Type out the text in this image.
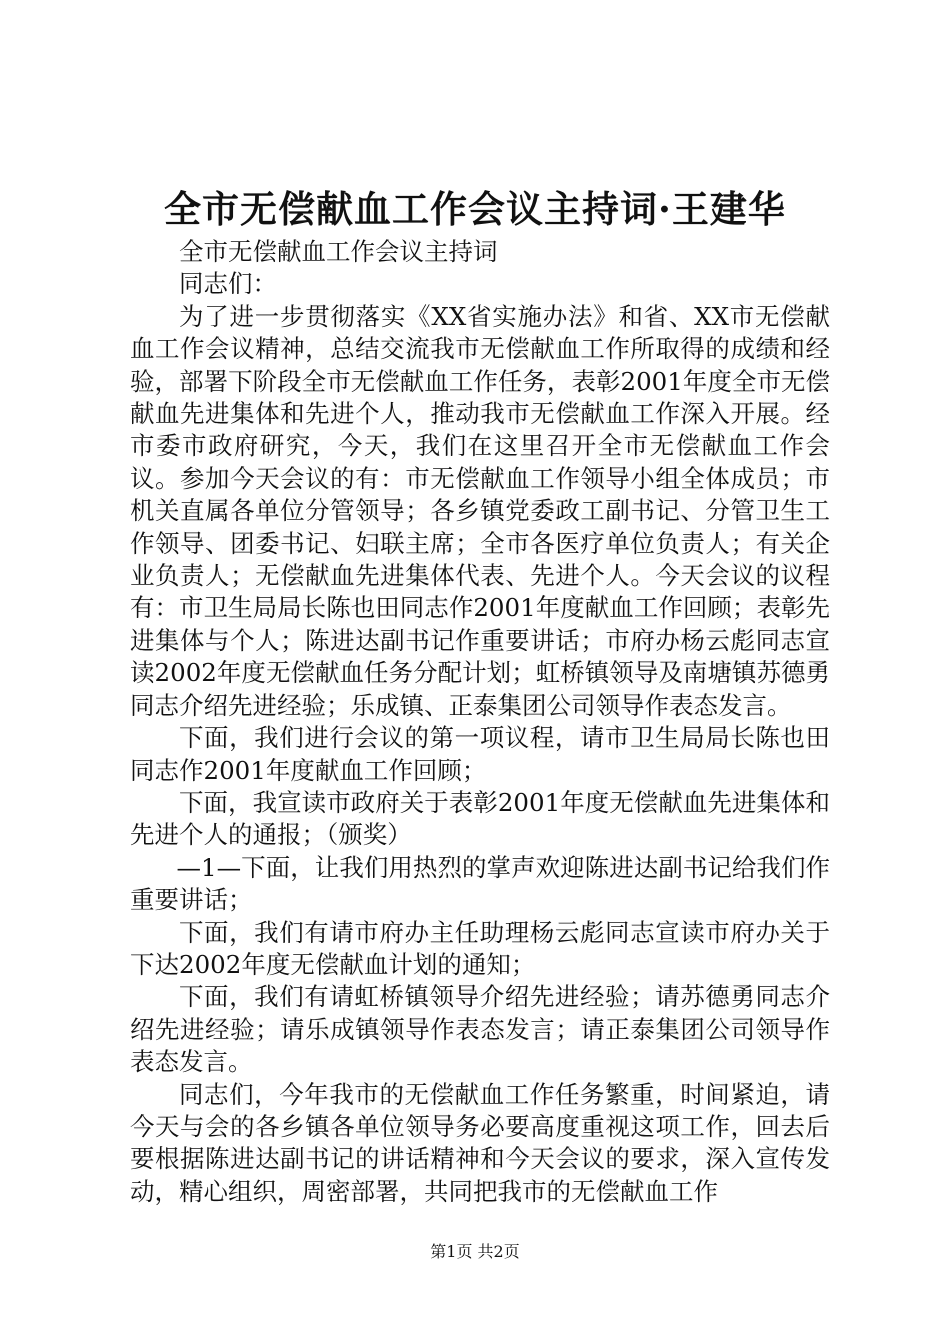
全市无偿献血工作会议主持词·王建华

全市无偿献血工作会议主持词

同志们：

为了进一步贯彻落实《XX省实施办法》和省、XX市无偿献血工作会议精神，总结交流我市无偿献血工作所取得的成绩和经验，部署下阶段全市无偿献血工作任务，表彰2001年度全市无偿献血先进集体和先进个人，推动我市无偿献血工作深入开展。经市委市政府研究，今天，我们在这里召开全市无偿献血工作会议。参加今天会议的有：市无偿献血工作领导小组全体成员；市机关直属各单位分管领导；各乡镇党委政工副书记、分管卫生工作领导、团委书记、妇联主席；全市各医疗单位负责人；有关企业负责人；无偿献血先进集体代表、先进个人。今天会议的议程有：市卫生局局长陈也田同志作2001年度献血工作回顾；表彰先进集体与个人；陈进达副书记作重要讲话；市府办杨云彪同志宣读2002年度无偿献血任务分配计划；虹桥镇领导及南塘镇苏德勇同志介绍先进经验；乐成镇、正泰集团公司领导作表态发言。

下面，我们进行会议的第一项议程，请市卫生局局长陈也田同志作2001年度献血工作回顾；

下面，我宣读市政府关于表彰2001年度无偿献血先进集体和先进个人的通报；（颁奖）

—1—下面，让我们用热烈的掌声欢迎陈进达副书记给我们作重要讲话；

下面，我们有请市府办主任助理杨云彪同志宣读市府办关于下达2002年度无偿献血计划的通知；

下面，我们有请虹桥镇领导介绍先进经验；请苏德勇同志介绍先进经验；请乐成镇领导作表态发言；请正泰集团公司领导作表态发言。

同志们，今年我市的无偿献血工作任务繁重，时间紧迫，请今天与会的各乡镇各单位领导务必要高度重视这项工作，回去后要根据陈进达副书记的讲话精神和今天会议的要求，深入宣传发动，精心组织，周密部署，共同把我市的无偿献血工作

第1页 共2页
